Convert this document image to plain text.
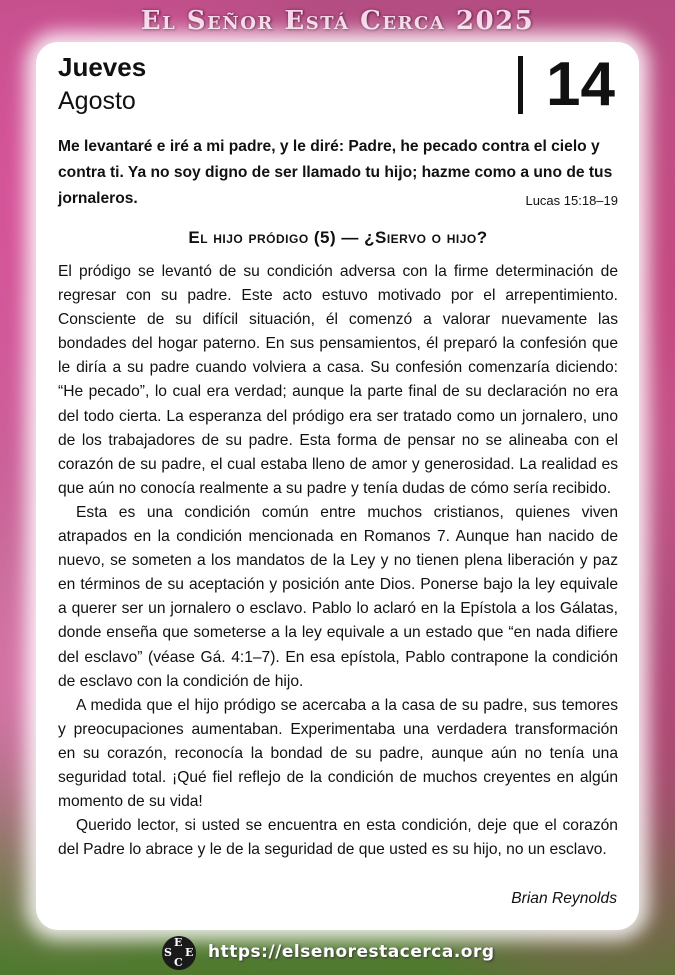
El Señor Está Cerca 2025
Jueves
Agosto	14
Me levantaré e iré a mi padre, y le diré: Padre, he pecado contra el cielo y contra ti. Ya no soy digno de ser llamado tu hijo; hazme como a uno de tus jornaleros.	Lucas 15:18–19
El hijo pródigo (5) — ¿Siervo o hijo?

El pródigo se levantó de su condición adversa con la firme determinación de regresar con su padre. Este acto estuvo motivado por el arrepentimiento. Consciente de su difícil situación, él comenzó a valorar nuevamente las bondades del hogar paterno. En sus pensamientos, él preparó la confesión que le diría a su padre cuando volviera a casa. Su confesión comenzaría diciendo: “He pecado”, lo cual era verdad; aunque la parte final de su declaración no era del todo cierta. La esperanza del pródigo era ser tratado como un jornalero, uno de los trabajadores de su padre. Esta forma de pensar no se alineaba con el corazón de su padre, el cual estaba lleno de amor y generosidad. La realidad es que aún no conocía realmente a su padre y tenía dudas de cómo sería recibido.

Esta es una condición común entre muchos cristianos, quienes viven atrapados en la condición mencionada en Romanos 7. Aunque han nacido de nuevo, se someten a los mandatos de la Ley y no tienen plena liberación y paz en términos de su aceptación y posición ante Dios. Ponerse bajo la ley equivale a querer ser un jornalero o esclavo. Pablo lo aclaró en la Epístola a los Gálatas, donde enseña que someterse a la ley equivale a un estado que “en nada difiere del esclavo” (véase Gá. 4:1–7). En esa epístola, Pablo contrapone la condición de esclavo con la condición de hijo.

A medida que el hijo pródigo se acercaba a la casa de su padre, sus temores y preocupaciones aumentaban. Experimentaba una verdadera transformación en su corazón, reconocía la bondad de su padre, aunque aún no tenía una seguridad total. ¡Qué fiel reflejo de la condición de muchos creyentes en algún momento de su vida!

Querido lector, si usted se encuentra en esta condición, deje que el corazón del Padre lo abrace y le de la seguridad de que usted es su hijo, no un esclavo.

Brian Reynolds
E
S E
C
https://elsenorestacerca.org
